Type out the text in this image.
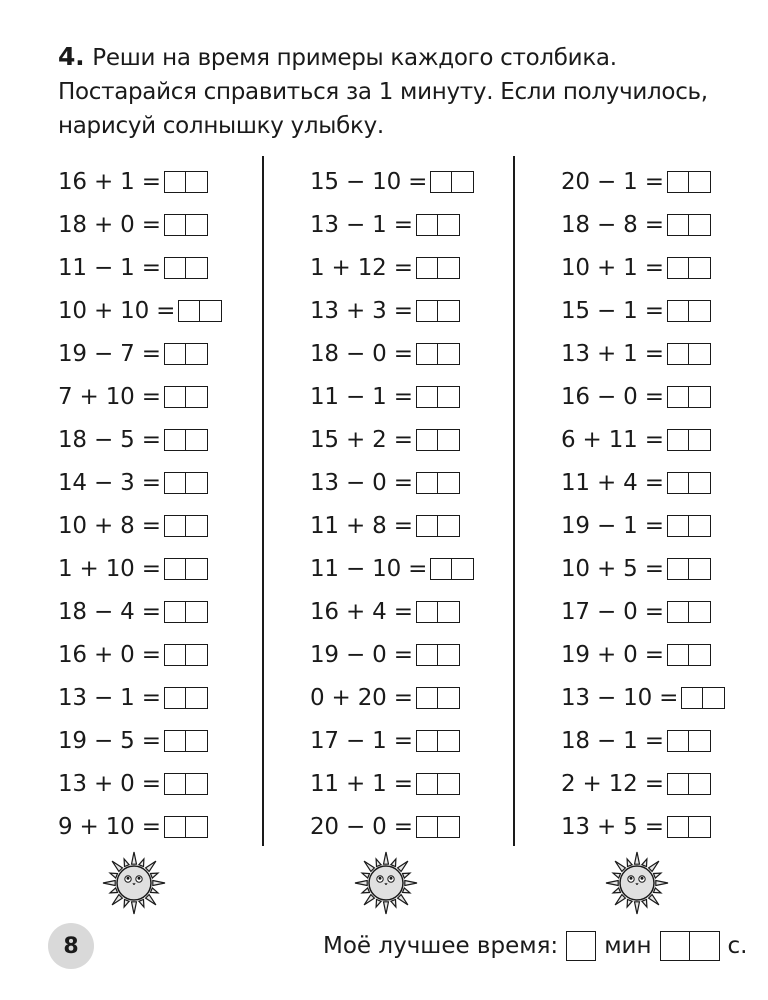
4. Реши на время примеры каждого столбика. Постарайся справиться за 1 минуту. Если получилось, нарисуй солнышку улыбку.
16 + 1 =
18 + 0 =
11 − 1 =
10 + 10 =
19 − 7 =
7 + 10 =
18 − 5 =
14 − 3 =
10 + 8 =
1 + 10 =
18 − 4 =
16 + 0 =
13 − 1 =
19 − 5 =
13 + 0 =
9 + 10 =
15 − 10 =
13 − 1 =
1 + 12 =
13 + 3 =
18 − 0 =
11 − 1 =
15 + 2 =
13 − 0 =
11 + 8 =
11 − 10 =
16 + 4 =
19 − 0 =
0 + 20 =
17 − 1 =
11 + 1 =
20 − 0 =
20 − 1 =
18 − 8 =
10 + 1 =
15 − 1 =
13 + 1 =
16 − 0 =
6 + 11 =
11 + 4 =
19 − 1 =
10 + 5 =
17 − 0 =
19 + 0 =
13 − 10 =
18 − 1 =
2 + 12 =
13 + 5 =
8	Моё лучшее время: мин	с.
